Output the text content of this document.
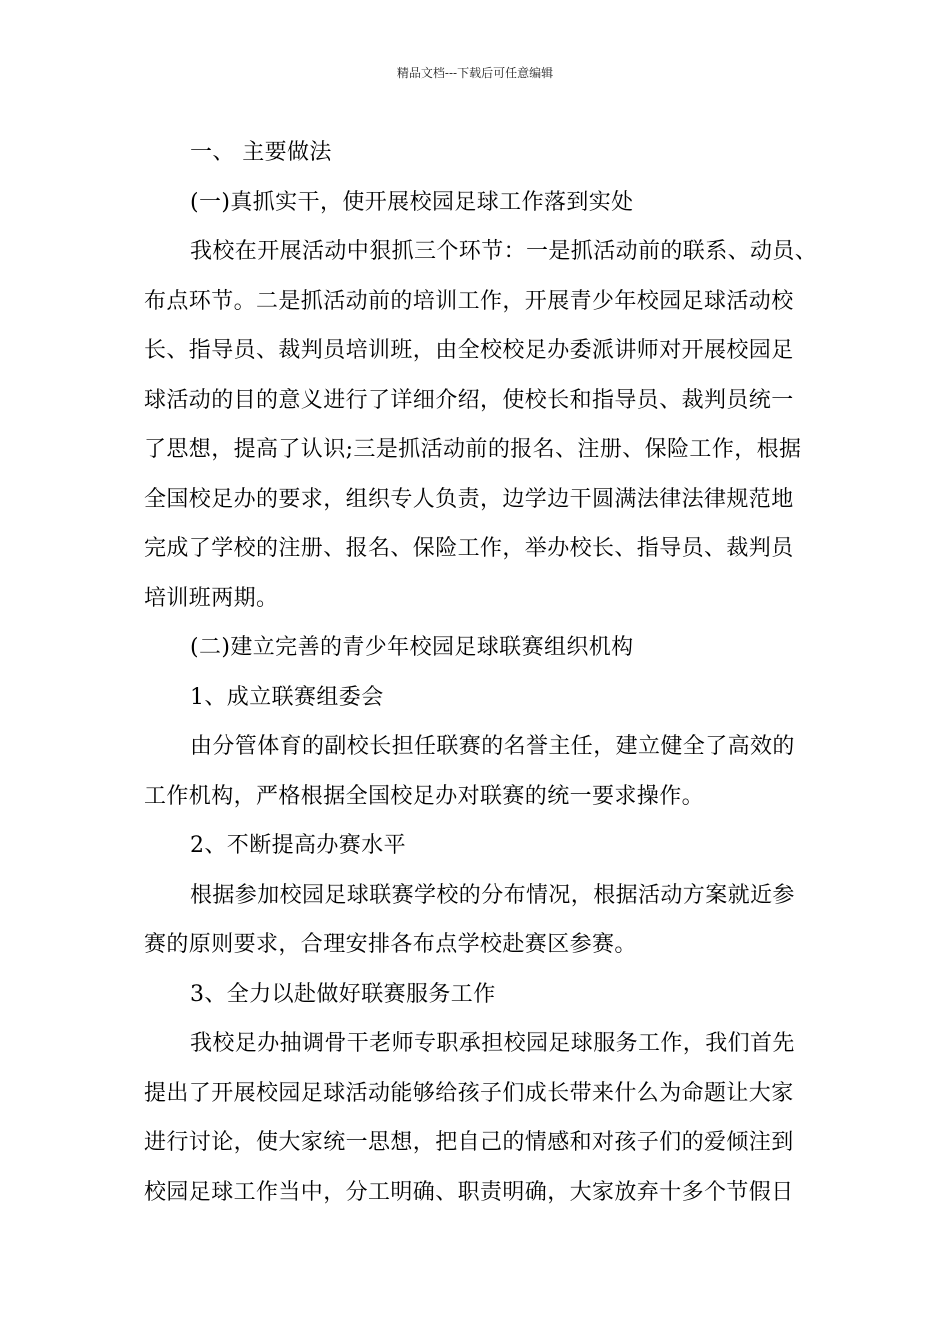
精品文档---下载后可任意编辑

一、 主要做法

(一)真抓实干，使开展校园足球工作落到实处

我校在开展活动中狠抓三个环节：一是抓活动前的联系、动员、

布点环节。二是抓活动前的培训工作，开展青少年校园足球活动校

长、指导员、裁判员培训班，由全校校足办委派讲师对开展校园足

球活动的目的意义进行了详细介绍，使校长和指导员、裁判员统一

了思想，提高了认识;三是抓活动前的报名、注册、保险工作，根据

全国校足办的要求，组织专人负责，边学边干圆满法律法律规范地

完成了学校的注册、报名、保险工作，举办校长、指导员、裁判员

培训班两期。

(二)建立完善的青少年校园足球联赛组织机构

1、成立联赛组委会

由分管体育的副校长担任联赛的名誉主任，建立健全了高效的

工作机构，严格根据全国校足办对联赛的统一要求操作。

2、不断提高办赛水平

根据参加校园足球联赛学校的分布情况，根据活动方案就近参

赛的原则要求，合理安排各布点学校赴赛区参赛。

3、全力以赴做好联赛服务工作

我校足办抽调骨干老师专职承担校园足球服务工作，我们首先

提出了开展校园足球活动能够给孩子们成长带来什么为命题让大家

进行讨论，使大家统一思想，把自己的情感和对孩子们的爱倾注到

校园足球工作当中，分工明确、职责明确，大家放弃十多个节假日
